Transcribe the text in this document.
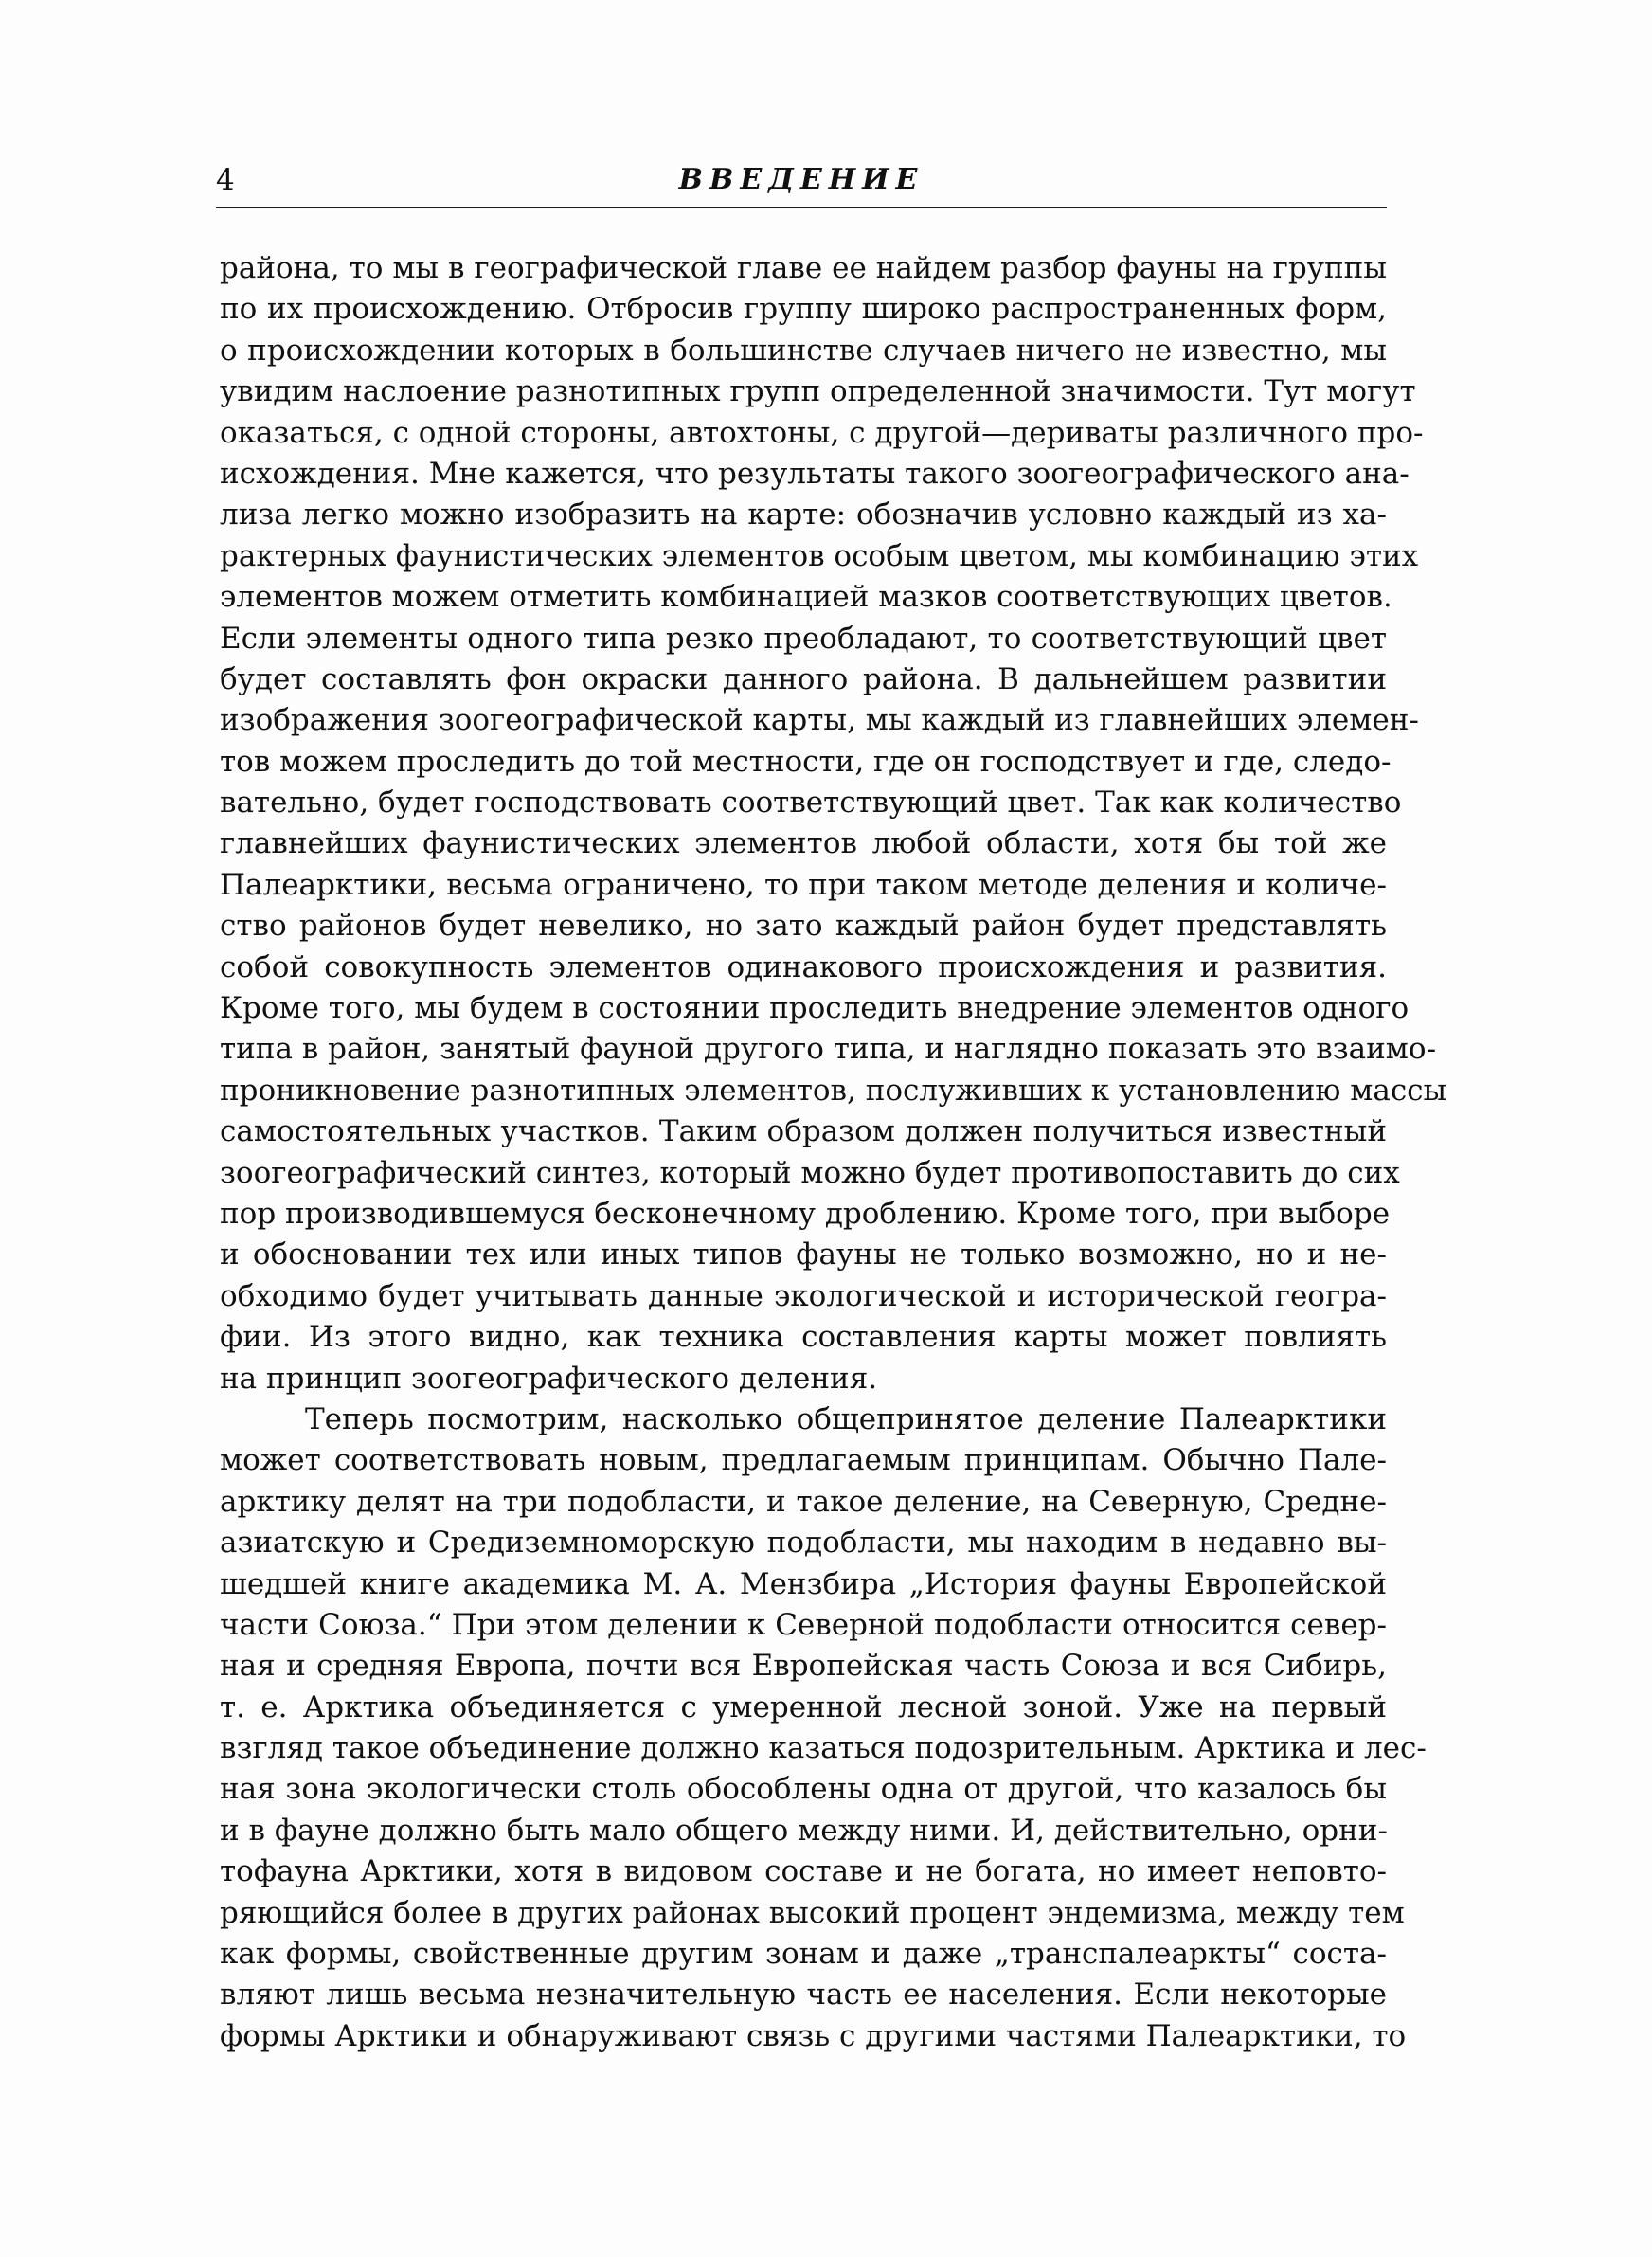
4	ВВЕДЕНИЕ
района, то мы в географической главе ее найдем разбор фауны на группы
по их происхождению. Отбросив группу широко распространенных форм,
о происхождении которых в большинстве случаев ничего не известно, мы
увидим наслоение разнотипных групп определенной значимости. Тут могут
оказаться, с одной стороны, автохтоны, с другой—дериваты различного про-
исхождения. Мне кажется, что результаты такого зоогеографического ана-
лиза легко можно изобразить на карте: обозначив условно каждый из ха-
рактерных фаунистических элементов особым цветом, мы комбинацию этих
элементов можем отметить комбинацией мазков соответствующих цветов.
Если элементы одного типа резко преобладают, то соответствующий цвет
будет составлять фон окраски данного района. В дальнейшем развитии
изображения зоогеографической карты, мы каждый из главнейших элемен-
тов можем проследить до той местности, где он господствует и где, следо-
вательно, будет господствовать соответствующий цвет. Так как количество
главнейших фаунистических элементов любой области, хотя бы той же
Палеарктики, весьма ограничено, то при таком методе деления и количе-
ство районов будет невелико, но зато каждый район будет представлять
собой совокупность элементов одинакового происхождения и развития.
Кроме того, мы будем в состоянии проследить внедрение элементов одного
типа в район, занятый фауной другого типа, и наглядно показать это взаимо-
проникновение разнотипных элементов, послуживших к установлению массы
самостоятельных участков. Таким образом должен получиться известный
зоогеографический синтез, который можно будет противопоставить до сих
пор производившемуся бесконечному дроблению. Кроме того, при выборе
и обосновании тех или иных типов фауны не только возможно, но и не-
обходимо будет учитывать данные экологической и исторической геогра-
фии. Из этого видно, как техника составления карты может повлиять
на принцип зоогеографического деления.
Теперь посмотрим, насколько общепринятое деление Палеарктики
может соответствовать новым, предлагаемым принципам. Обычно Пале-
арктику делят на три подобласти, и такое деление, на Северную, Средне-
азиатскую и Средиземноморскую подобласти, мы находим в недавно вы-
шедшей книге академика М. А. Мензбира „История фауны Европейской
части Союза.“ При этом делении к Северной подобласти относится север-
ная и средняя Европа, почти вся Европейская часть Союза и вся Сибирь,
т. е. Арктика объединяется с умеренной лесной зоной. Уже на первый
взгляд такое объединение должно казаться подозрительным. Арктика и лес-
ная зона экологически столь обособлены одна от другой, что казалось бы
и в фауне должно быть мало общего между ними. И, действительно, орни-
тофауна Арктики, хотя в видовом составе и не богата, но имеет неповто-
ряющийся более в других районах высокий процент эндемизма, между тем
как формы, свойственные другим зонам и даже „транспалеаркты“ соста-
вляют лишь весьма незначительную часть ее населения. Если некоторые
формы Арктики и обнаруживают связь с другими частями Палеарктики, то
